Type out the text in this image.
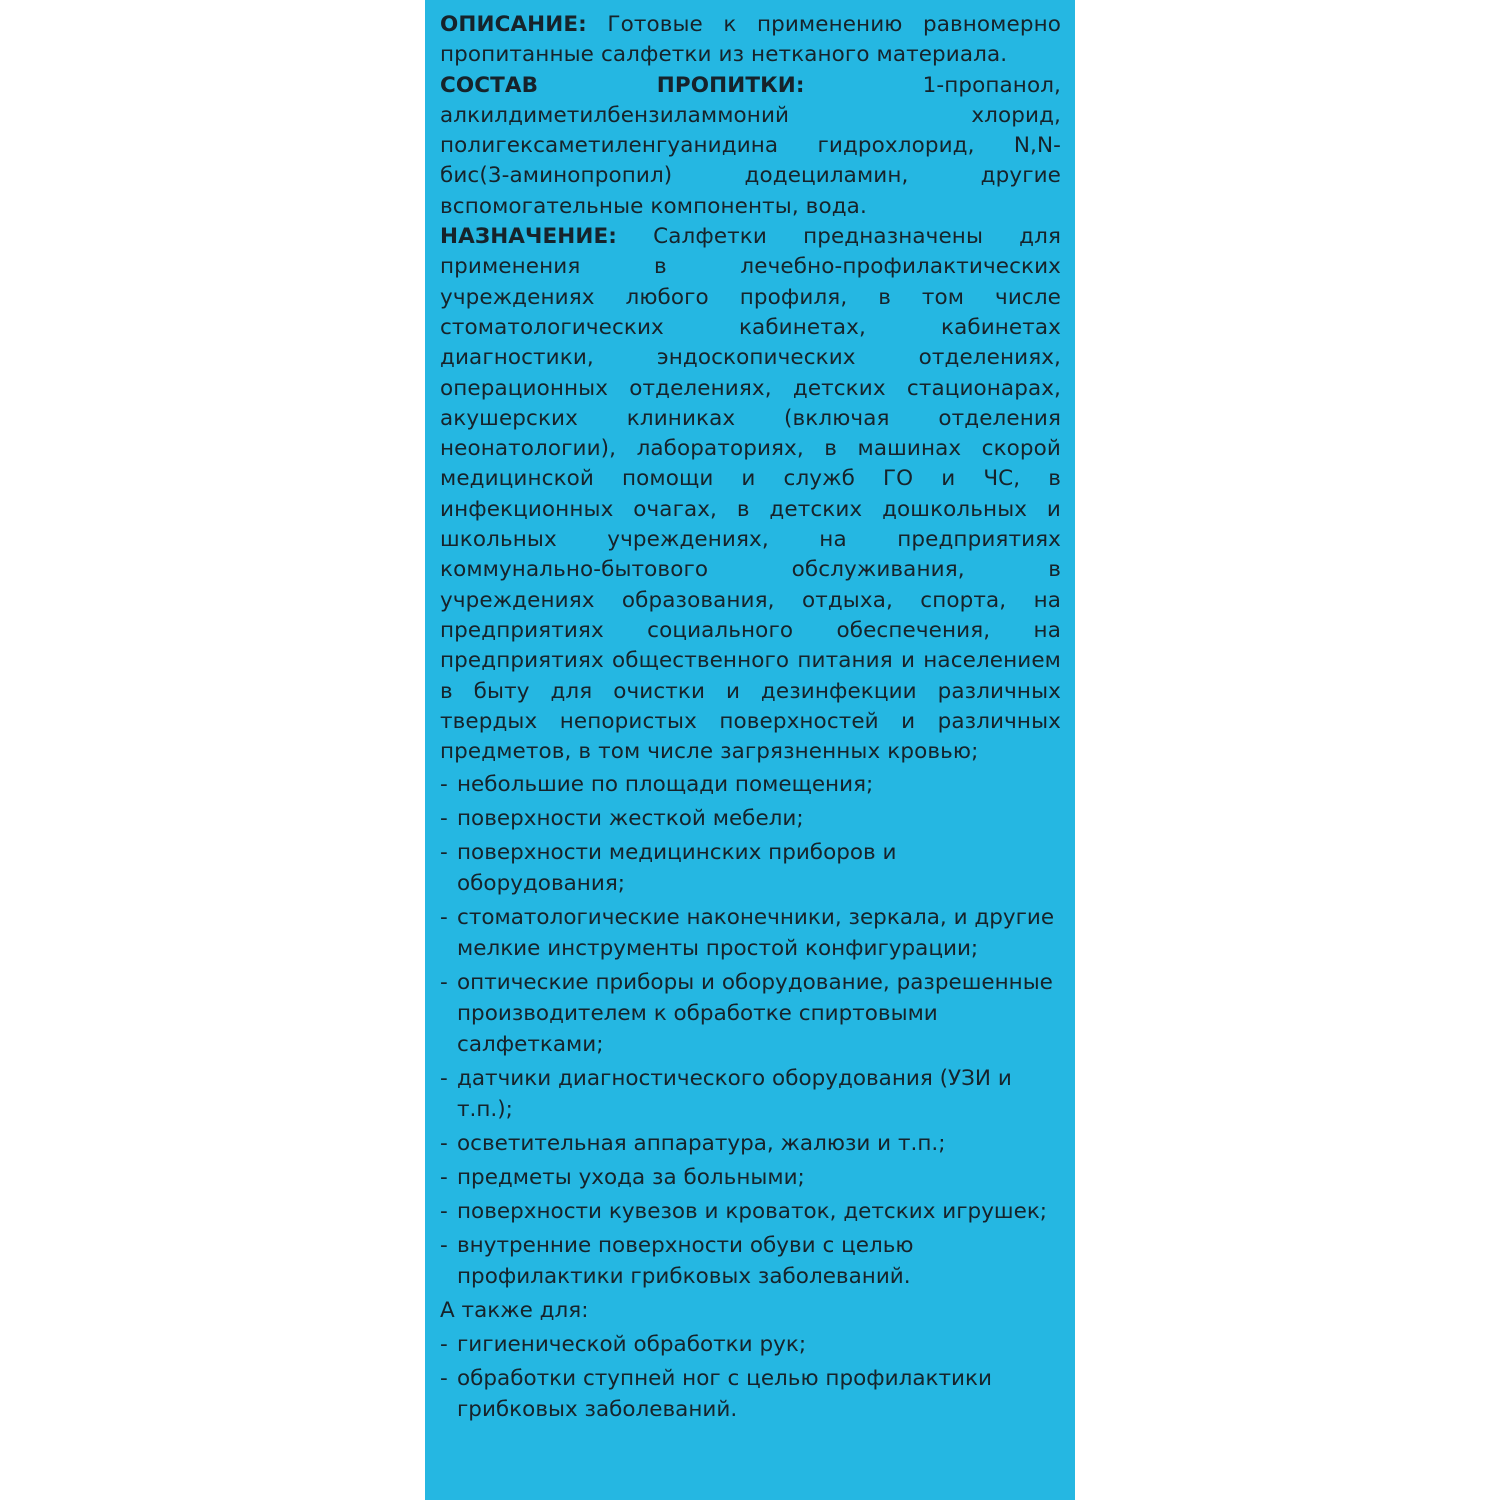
ОПИСАНИЕ: Готовые к применению равномерно пропитанные салфетки из нетканого материала.

СОСТАВ ПРОПИТКИ:	1-пропанол, алкилдиметилбензиламмоний хлорид, полигексаметиленгуанидина гидрохлорид, N,N-бис(3-аминопропил) додециламин, другие вспомогательные компоненты, вода.

НАЗНАЧЕНИЕ: Салфетки предназначены для применения в лечебно-профилактических учреждениях любого профиля, в том числе стоматологических кабинетах, кабинетах диагностики, эндоскопических отделениях, операционных отделениях, детских стационарах, акушерских клиниках (включая отделения неонатологии), лабораториях, в машинах скорой медицинской помощи и служб ГО и ЧС, в инфекционных очагах, в детских дошкольных и школьных учреждениях, на предприятиях коммунально-бытового обслуживания, в учреждениях образования, отдыха, спорта, на предприятиях социального обеспечения, на предприятиях общественного питания и населением в быту для очистки и дезинфекции различных твердых непористых поверхностей и различных предметов, в том числе загрязненных кровью;

- небольшие по площади помещения;
- поверхности жесткой мебели;
- поверхности медицинских приборов и оборудования;
- стоматологические наконечники, зеркала, и другие мелкие инструменты простой конфигурации;
- оптические приборы и оборудование, разрешенные производителем к обработке спиртовыми салфетками;
- датчики диагностического оборудования (УЗИ и т.п.);
- осветительная аппаратура, жалюзи и т.п.;
- предметы ухода за больными;
- поверхности кувезов и кроваток, детских игрушек;
- внутренние поверхности обуви с целью профилактики грибковых заболеваний.

А также для:

- гигиенической обработки рук;
- обработки ступней ног с целью профилактики грибковых заболеваний.
